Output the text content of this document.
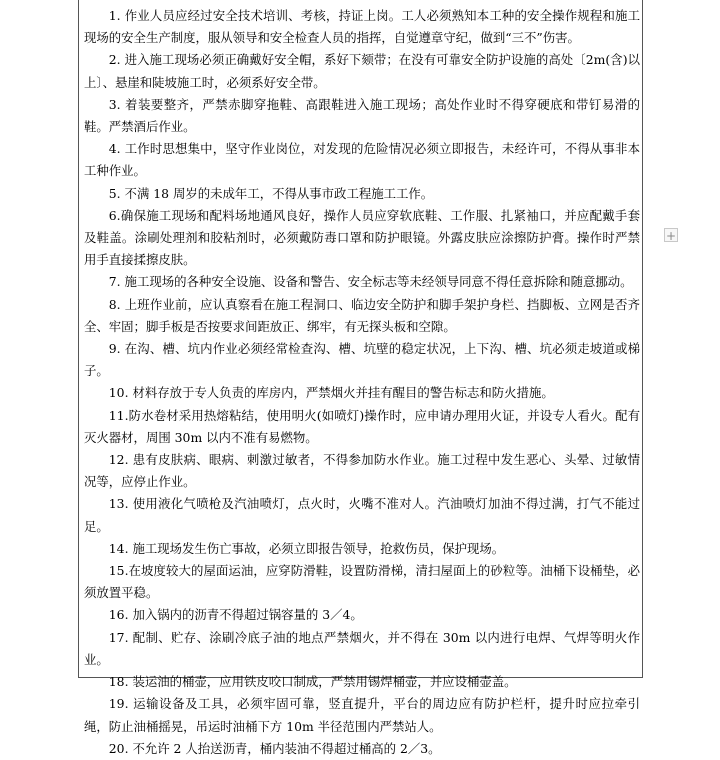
1. 作业人员应经过安全技术培训、考核，持证上岗。工人必须熟知本工种的安全操作规程和施工现场的安全生产制度，服从领导和安全检查人员的指挥，自觉遵章守纪，做到“三不”伤害。

2. 进入施工现场必须正确戴好安全帽，系好下颏带；在没有可靠安全防护设施的高处〔2m(含)以上〕、悬崖和陡坡施工时，必须系好安全带。

3. 着装要整齐，严禁赤脚穿拖鞋、高跟鞋进入施工现场；高处作业时不得穿硬底和带钉易滑的鞋。严禁酒后作业。

4. 工作时思想集中，坚守作业岗位，对发现的危险情况必须立即报告，未经许可，不得从事非本工种作业。

5. 不满 18 周岁的未成年工，不得从事市政工程施工工作。

6.确保施工现场和配料场地通风良好，操作人员应穿软底鞋、工作服、扎紧袖口，并应配戴手套及鞋盖。涂刷处理剂和胶粘剂时，必须戴防毒口罩和防护眼镜。外露皮肤应涂擦防护膏。操作时严禁用手直接揉擦皮肤。

7. 施工现场的各种安全设施、设备和警告、安全标志等未经领导同意不得任意拆除和随意挪动。

8. 上班作业前，应认真察看在施工程洞口、临边安全防护和脚手架护身栏、挡脚板、立网是否齐全、牢固；脚手板是否按要求间距放正、绑牢，有无探头板和空隙。

9. 在沟、槽、坑内作业必须经常检查沟、槽、坑壁的稳定状况，上下沟、槽、坑必须走坡道或梯子。

10. 材料存放于专人负责的库房内，严禁烟火并挂有醒目的警告标志和防火措施。

11.防水卷材采用热熔粘结，使用明火(如喷灯)操作时，应申请办理用火证，并设专人看火。配有灭火器材，周围 30m 以内不准有易燃物。

12. 患有皮肤病、眼病、刺激过敏者，不得参加防水作业。施工过程中发生恶心、头晕、过敏情况等，应停止作业。

13. 使用液化气喷枪及汽油喷灯，点火时，火嘴不准对人。汽油喷灯加油不得过满，打气不能过足。

14. 施工现场发生伤亡事故，必须立即报告领导，抢救伤员，保护现场。

15.在坡度较大的屋面运油，应穿防滑鞋，设置防滑梯，清扫屋面上的砂粒等。油桶下设桶垫，必须放置平稳。

16. 加入锅内的沥青不得超过锅容量的 3／4。

17. 配制、贮存、涂刷冷底子油的地点严禁烟火，并不得在 30m 以内进行电焊、气焊等明火作业。

18. 装运油的桶壶，应用铁皮咬口制成，严禁用锡焊桶壶，并应设桶壶盖。

19. 运输设备及工具，必须牢固可靠，竖直提升，平台的周边应有防护栏杆，提升时应拉牵引绳，防止油桶摇晃，吊运时油桶下方 10m 半径范围内严禁站人。

20. 不允许 2 人抬送沥青，桶内装油不得超过桶高的 2／3。

+
